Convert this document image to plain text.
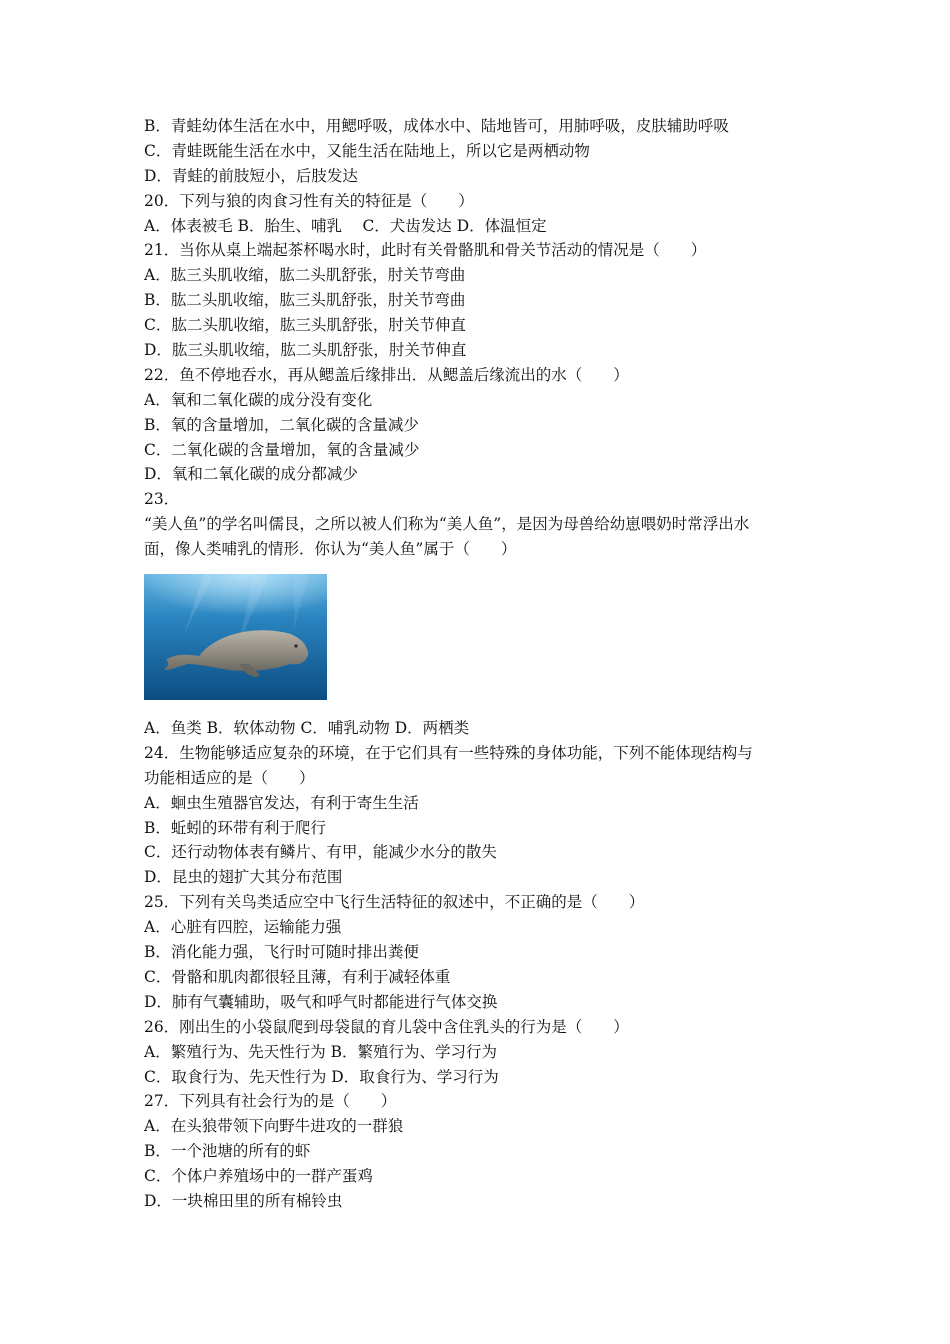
B．青蛙幼体生活在水中，用鳃呼吸，成体水中、陆地皆可，用肺呼吸，皮肤辅助呼吸
C．青蛙既能生活在水中，又能生活在陆地上，所以它是两栖动物
D．青蛙的前肢短小，后肢发达
20．下列与狼的肉食习性有关的特征是（　　）
A．体表被毛 B．胎生、哺乳　 C．犬齿发达 D．体温恒定
21．当你从桌上端起茶杯喝水时，此时有关骨骼肌和骨关节活动的情况是（　　）
A．肱三头肌收缩，肱二头肌舒张，肘关节弯曲
B．肱二头肌收缩，肱三头肌舒张，肘关节弯曲
C．肱二头肌收缩，肱三头肌舒张，肘关节伸直
D．肱三头肌收缩，肱二头肌舒张，肘关节伸直
22．鱼不停地吞水，再从鳃盖后缘排出．从鳃盖后缘流出的水（　　）
A．氧和二氧化碳的成分没有变化
B．氧的含量增加，二氧化碳的含量减少
C．二氧化碳的含量增加，氧的含量减少
D．氧和二氧化碳的成分都减少
23．
“美人鱼”的学名叫儒艮，之所以被人们称为“美人鱼”，是因为母兽给幼崽喂奶时常浮出水
面，像人类哺乳的情形．你认为“美人鱼”属于（　　）
A．鱼类 B．软体动物 C．哺乳动物 D．两栖类
24．生物能够适应复杂的环境，在于它们具有一些特殊的身体功能，下列不能体现结构与
功能相适应的是（　　）
A．蛔虫生殖器官发达，有利于寄生生活
B．蚯蚓的环带有利于爬行
C．还行动物体表有鳞片、有甲，能减少水分的散失
D．昆虫的翅扩大其分布范围
25．下列有关鸟类适应空中飞行生活特征的叙述中，不正确的是（　　）
A．心脏有四腔，运输能力强
B．消化能力强，飞行时可随时排出粪便
C．骨骼和肌肉都很轻且薄，有利于减轻体重
D．肺有气囊辅助，吸气和呼气时都能进行气体交换
26．刚出生的小袋鼠爬到母袋鼠的育儿袋中含住乳头的行为是（　　）
A．繁殖行为、先天性行为 B．繁殖行为、学习行为
C．取食行为、先天性行为 D．取食行为、学习行为
27．下列具有社会行为的是（　　）
A．在头狼带领下向野牛进攻的一群狼
B．一个池塘的所有的虾
C．个体户养殖场中的一群产蛋鸡
D．一块棉田里的所有棉铃虫
